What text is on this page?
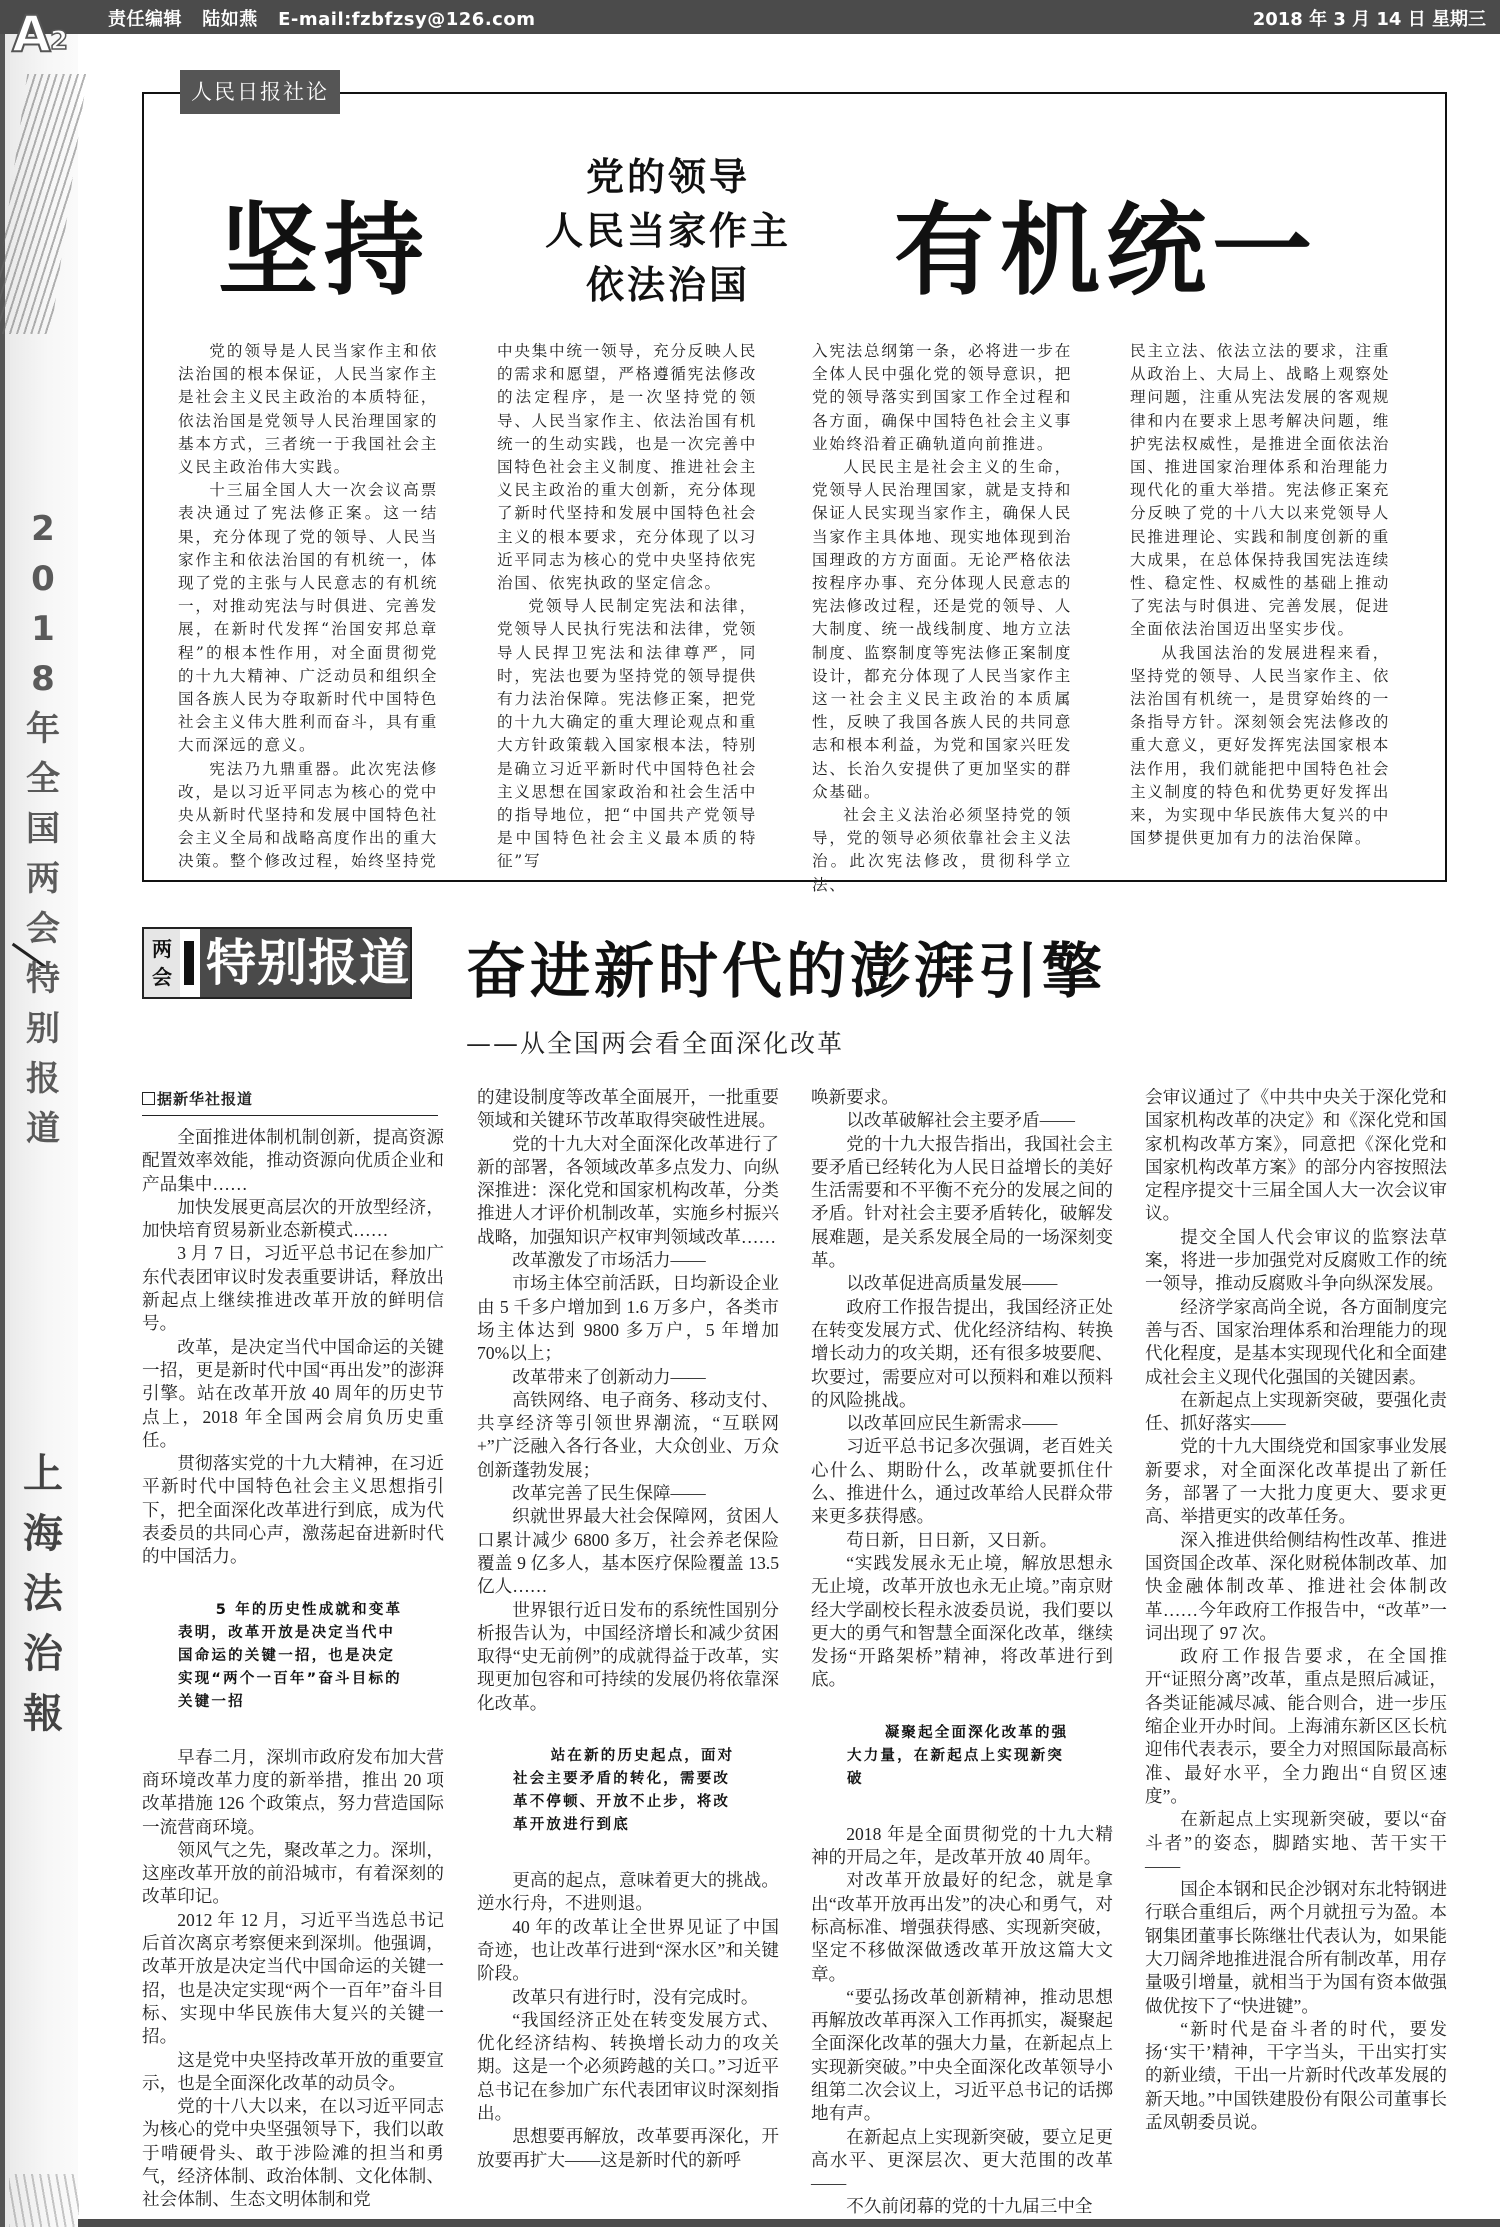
责任编辑   陆如燕   E-mail:fzbfzsy@126.com	2018 年 3 月 14 日 星期三
A 2
2
0
1
8
年
全
国
两
会
特
别
报
道
上
海
法
治
報
人民日报社论
坚持
党的领导
人民当家作主
依法治国	有机统一

党的领导是人民当家作主和依法治国的根本保证，人民当家作主是社会主义民主政治的本质特征，依法治国是党领导人民治理国家的基本方式，三者统一于我国社会主义民主政治伟大实践。

十三届全国人大一次会议高票表决通过了宪法修正案。这一结果，充分体现了党的领导、人民当家作主和依法治国的有机统一，体现了党的主张与人民意志的有机统一，对推动宪法与时俱进、完善发展，在新时代发挥“治国安邦总章程”的根本性作用，对全面贯彻党的十九大精神、广泛动员和组织全国各族人民为夺取新时代中国特色社会主义伟大胜利而奋斗，具有重大而深远的意义。

宪法乃九鼎重器。此次宪法修改，是以习近平同志为核心的党中央从新时代坚持和发展中国特色社会主义全局和战略高度作出的重大决策。整个修改过程，始终坚持党

中央集中统一领导，充分反映人民的需求和愿望，严格遵循宪法修改的法定程序，是一次坚持党的领导、人民当家作主、依法治国有机统一的生动实践，也是一次完善中国特色社会主义制度、推进社会主义民主政治的重大创新，充分体现了新时代坚持和发展中国特色社会主义的根本要求，充分体现了以习近平同志为核心的党中央坚持依宪治国、依宪执政的坚定信念。

党领导人民制定宪法和法律，党领导人民执行宪法和法律，党领导人民捍卫宪法和法律尊严，同时，宪法也要为坚持党的领导提供有力法治保障。宪法修正案，把党的十九大确定的重大理论观点和重大方针政策载入国家根本法，特别是确立习近平新时代中国特色社会主义思想在国家政治和社会生活中的指导地位，把“中国共产党领导是中国特色社会主义最本质的特征”写

入宪法总纲第一条，必将进一步在全体人民中强化党的领导意识，把党的领导落实到国家工作全过程和各方面，确保中国特色社会主义事业始终沿着正确轨道向前推进。

人民民主是社会主义的生命，党领导人民治理国家，就是支持和保证人民实现当家作主，确保人民当家作主具体地、现实地体现到治国理政的方方面面。无论严格依法按程序办事、充分体现人民意志的宪法修改过程，还是党的领导、人大制度、统一战线制度、地方立法制度、监察制度等宪法修正案制度设计，都充分体现了人民当家作主这一社会主义民主政治的本质属性，反映了我国各族人民的共同意志和根本利益，为党和国家兴旺发达、长治久安提供了更加坚实的群众基础。

社会主义法治必须坚持党的领导，党的领导必须依靠社会主义法治。此次宪法修改，贯彻科学立法、

民主立法、依法立法的要求，注重从政治上、大局上、战略上观察处理问题，注重从宪法发展的客观规律和内在要求上思考解决问题，维护宪法权威性，是推进全面依法治国、推进国家治理体系和治理能力现代化的重大举措。宪法修正案充分反映了党的十八大以来党领导人民推进理论、实践和制度创新的重大成果，在总体保持我国宪法连续性、稳定性、权威性的基础上推动了宪法与时俱进、完善发展，促进全面依法治国迈出坚实步伐。

从我国法治的发展进程来看，坚持党的领导、人民当家作主、依法治国有机统一，是贯穿始终的一条指导方针。深刻领会宪法修改的重大意义，更好发挥宪法国家根本法作用，我们就能把中国特色社会主义制度的特色和优势更好发挥出来，为实现中华民族伟大复兴的中国梦提供更加有力的法治保障。

两
会 特别报道 奋进新时代的澎湃引擎
——从全国两会看全面深化改革
据新华社报道

全面推进体制机制创新，提高资源配置效率效能，推动资源向优质企业和产品集中……

加快发展更高层次的开放型经济，加快培育贸易新业态新模式……

3 月 7 日，习近平总书记在参加广东代表团审议时发表重要讲话，释放出新起点上继续推进改革开放的鲜明信号。

改革，是决定当代中国命运的关键一招，更是新时代中国“再出发”的澎湃引擎。站在改革开放 40 周年的历史节点上，2018 年全国两会肩负历史重任。

贯彻落实党的十九大精神，在习近平新时代中国特色社会主义思想指引下，把全面深化改革进行到底，成为代表委员的共同心声，激荡起奋进新时代的中国活力。

5 年的历史性成就和变革表明，改革开放是决定当代中国命运的关键一招，也是决定实现“两个一百年”奋斗目标的关键一招

早春二月，深圳市政府发布加大营商环境改革力度的新举措，推出 20 项改革措施 126 个政策点，努力营造国际一流营商环境。

领风气之先，聚改革之力。深圳，这座改革开放的前沿城市，有着深刻的改革印记。

2012 年 12 月，习近平当选总书记后首次离京考察便来到深圳。他强调，改革开放是决定当代中国命运的关键一招，也是决定实现“两个一百年”奋斗目标、实现中华民族伟大复兴的关键一招。

这是党中央坚持改革开放的重要宣示，也是全面深化改革的动员令。

党的十八大以来，在以习近平同志为核心的党中央坚强领导下，我们以敢于啃硬骨头、敢于涉险滩的担当和勇气，经济体制、政治体制、文化体制、社会体制、生态文明体制和党

的建设制度等改革全面展开，一批重要领域和关键环节改革取得突破性进展。

党的十九大对全面深化改革进行了新的部署，各领域改革多点发力、向纵深推进：深化党和国家机构改革，分类推进人才评价机制改革，实施乡村振兴战略，加强知识产权审判领域改革……

改革激发了市场活力——

市场主体空前活跃，日均新设企业由 5 千多户增加到 1.6 万多户，各类市场主体达到 9800 多万户，5 年增加 70%以上；

改革带来了创新动力——

高铁网络、电子商务、移动支付、共享经济等引领世界潮流，“互联网+”广泛融入各行各业，大众创业、万众创新蓬勃发展；

改革完善了民生保障——

织就世界最大社会保障网，贫困人口累计减少 6800 多万，社会养老保险覆盖 9 亿多人，基本医疗保险覆盖 13.5 亿人……

世界银行近日发布的系统性国别分析报告认为，中国经济增长和减少贫困取得“史无前例”的成就得益于改革，实现更加包容和可持续的发展仍将依靠深化改革。

站在新的历史起点，面对社会主要矛盾的转化，需要改革不停顿、开放不止步，将改革开放进行到底

更高的起点，意味着更大的挑战。逆水行舟，不进则退。

40 年的改革让全世界见证了中国奇迹，也让改革行进到“深水区”和关键阶段。

改革只有进行时，没有完成时。

“我国经济正处在转变发展方式、优化经济结构、转换增长动力的攻关期。这是一个必须跨越的关口。”习近平总书记在参加广东代表团审议时深刻指出。

思想要再解放，改革要再深化，开放要再扩大——这是新时代的新呼

唤新要求。

以改革破解社会主要矛盾——

党的十九大报告指出，我国社会主要矛盾已经转化为人民日益增长的美好生活需要和不平衡不充分的发展之间的矛盾。针对社会主要矛盾转化，破解发展难题，是关系发展全局的一场深刻变革。

以改革促进高质量发展——

政府工作报告提出，我国经济正处在转变发展方式、优化经济结构、转换增长动力的攻关期，还有很多坡要爬、坎要过，需要应对可以预料和难以预料的风险挑战。

以改革回应民生新需求——

习近平总书记多次强调，老百姓关心什么、期盼什么，改革就要抓住什么、推进什么，通过改革给人民群众带来更多获得感。

苟日新，日日新，又日新。

“实践发展永无止境，解放思想永无止境，改革开放也永无止境。”南京财经大学副校长程永波委员说，我们要以更大的勇气和智慧全面深化改革，继续发扬“开路架桥”精神，将改革进行到底。

凝聚起全面深化改革的强大力量，在新起点上实现新突破

2018 年是全面贯彻党的十九大精神的开局之年，是改革开放 40 周年。

对改革开放最好的纪念，就是拿出“改革开放再出发”的决心和勇气，对标高标准、增强获得感、实现新突破，坚定不移做深做透改革开放这篇大文章。

“要弘扬改革创新精神，推动思想再解放改革再深入工作再抓实，凝聚起全面深化改革的强大力量，在新起点上实现新突破。”中央全面深化改革领导小组第二次会议上，习近平总书记的话掷地有声。

在新起点上实现新突破，要立足更高水平、更深层次、更大范围的改革——

不久前闭幕的党的十九届三中全

会审议通过了《中共中央关于深化党和国家机构改革的决定》和《深化党和国家机构改革方案》，同意把《深化党和国家机构改革方案》的部分内容按照法定程序提交十三届全国人大一次会议审议。

提交全国人代会审议的监察法草案，将进一步加强党对反腐败工作的统一领导，推动反腐败斗争向纵深发展。

经济学家高尚全说，各方面制度完善与否、国家治理体系和治理能力的现代化程度，是基本实现现代化和全面建成社会主义现代化强国的关键因素。

在新起点上实现新突破，要强化责任、抓好落实——

党的十九大围绕党和国家事业发展新要求，对全面深化改革提出了新任务，部署了一大批力度更大、要求更高、举措更实的改革任务。

深入推进供给侧结构性改革、推进国资国企改革、深化财税体制改革、加快金融体制改革、推进社会体制改革……今年政府工作报告中，“改革”一词出现了 97 次。

政府工作报告要求，在全国推开“证照分离”改革，重点是照后减证，各类证能减尽减、能合则合，进一步压缩企业开办时间。上海浦东新区区长杭迎伟代表表示，要全力对照国际最高标准、最好水平，全力跑出“自贸区速度”。

在新起点上实现新突破，要以“奋斗者”的姿态，脚踏实地、苦干实干——

国企本钢和民企沙钢对东北特钢进行联合重组后，两个月就扭亏为盈。本钢集团董事长陈继壮代表认为，如果能大刀阔斧地推进混合所有制改革，用存量吸引增量，就相当于为国有资本做强做优按下了“快进键”。

“新时代是奋斗者的时代，要发扬‘实干’精神，干字当头，干出实打实的新业绩，干出一片新时代改革发展的新天地。”中国铁建股份有限公司董事长孟凤朝委员说。
